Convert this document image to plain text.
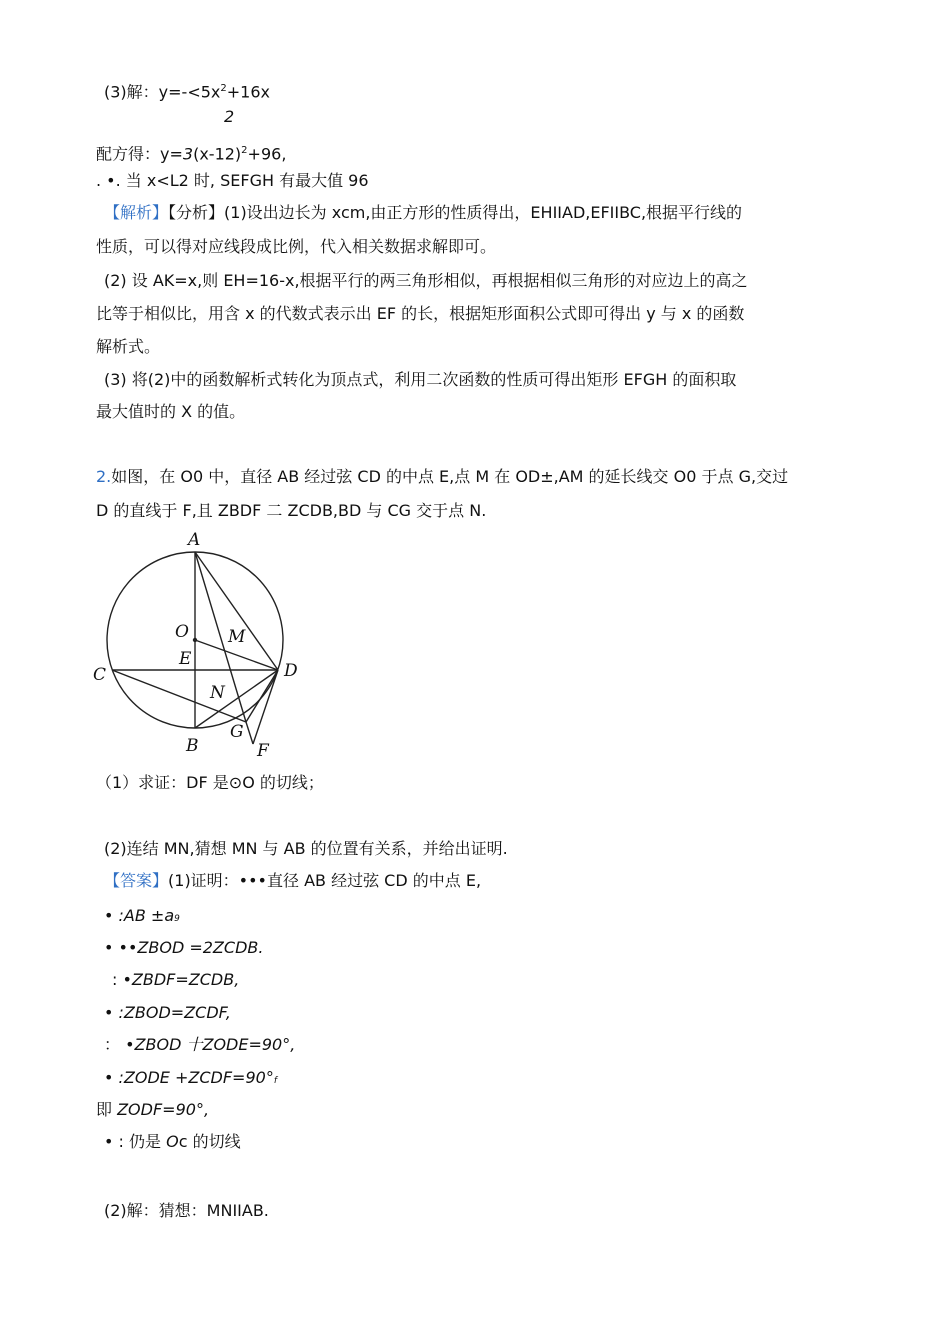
(3)解：$y=-<5x^2+16x$
2
配方得：$y=3(x-12)^2+96$,
. •. 当 x<L2 时, SEFGH 有最大值 96
【解析】【分析】(1)设出边长为 xcm,由正方形的性质得出，EHIIAD,EFIIBC,根据平行线的
性质，可以得对应线段成比例，代入相关数据求解即可。
(2) 设 AK=x,则 EH=16-x,根据平行的两三角形相似，再根据相似三角形的对应边上的高之
比等于相似比，用含 x 的代数式表示出 EF 的长，根据矩形面积公式即可得出 y 与 x 的函数
解析式。
(3) 将(2)中的函数解析式转化为顶点式，利用二次函数的性质可得出矩形 EFGH 的面积取
最大值时的 X 的值。
2.如图，在 O0 中，直径 AB 经过弦 CD 的中点 E,点 M 在 OD±,AM 的延长线交 O0 于点 G,交过
D 的直线于 F,且 ZBDF 二 ZCDB,BD 与 CG 交于点 N.
A
O M
E
C	D
N
B
G
F
（1）求证：DF 是⊙O 的切线；
(2)连结 MN,猜想 MN 与 AB 的位置有关系，并给出证明.
【答案】(1)证明：•••直径 AB 经过弦 CD 的中点 E,
• :AB ±a9
• ••ZBOD =2ZCDB.
: •ZBDF=ZCDB,
• :ZBOD=ZCDF,
： •ZBOD 十ZODE=90°,
• :ZODE +ZCDF=90°f
即 ZODF=90°,
• : 仍是 Oc 的切线
(2)解：猜想：MNIIAB.
